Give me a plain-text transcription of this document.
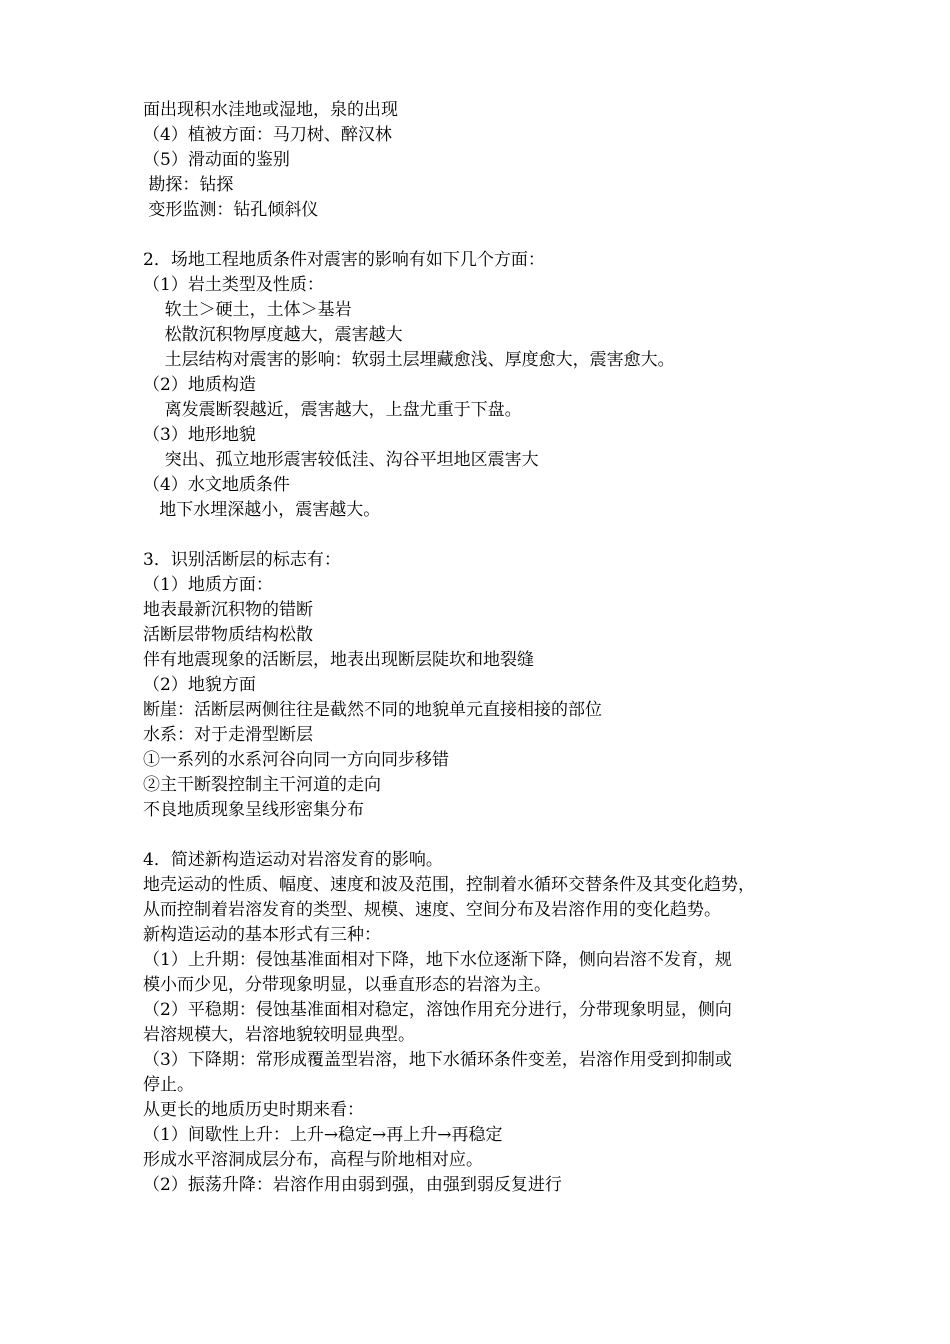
面出现积水洼地或湿地，泉的出现
（4）植被方面：马刀树、醉汉林
（5）滑动面的鉴别
勘探：钻探
变形监测：钻孔倾斜仪
2．场地工程地质条件对震害的影响有如下几个方面：
（1）岩土类型及性质：
软土＞硬土，土体＞基岩
松散沉积物厚度越大，震害越大
土层结构对震害的影响：软弱土层埋藏愈浅、厚度愈大，震害愈大。
（2）地质构造
离发震断裂越近，震害越大，上盘尤重于下盘。
（3）地形地貌
突出、孤立地形震害较低洼、沟谷平坦地区震害大
（4）水文地质条件
地下水埋深越小，震害越大。
3．识别活断层的标志有：
（1）地质方面：
地表最新沉积物的错断
活断层带物质结构松散
伴有地震现象的活断层，地表出现断层陡坎和地裂缝
（2）地貌方面
断崖：活断层两侧往往是截然不同的地貌单元直接相接的部位
水系：对于走滑型断层
①一系列的水系河谷向同一方向同步移错
②主干断裂控制主干河道的走向
不良地质现象呈线形密集分布
4．简述新构造运动对岩溶发育的影响。
地壳运动的性质、幅度、速度和波及范围，控制着水循环交替条件及其变化趋势，
从而控制着岩溶发育的类型、规模、速度、空间分布及岩溶作用的变化趋势。
新构造运动的基本形式有三种：
（1）上升期：侵蚀基准面相对下降，地下水位逐渐下降，侧向岩溶不发育，规
模小而少见，分带现象明显，以垂直形态的岩溶为主。
（2）平稳期：侵蚀基准面相对稳定，溶蚀作用充分进行，分带现象明显，侧向
岩溶规模大，岩溶地貌较明显典型。
（3）下降期：常形成覆盖型岩溶，地下水循环条件变差，岩溶作用受到抑制或
停止。
从更长的地质历史时期来看：
（1）间歇性上升：上升→稳定→再上升→再稳定
形成水平溶洞成层分布，高程与阶地相对应。
（2）振荡升降：岩溶作用由弱到强，由强到弱反复进行
